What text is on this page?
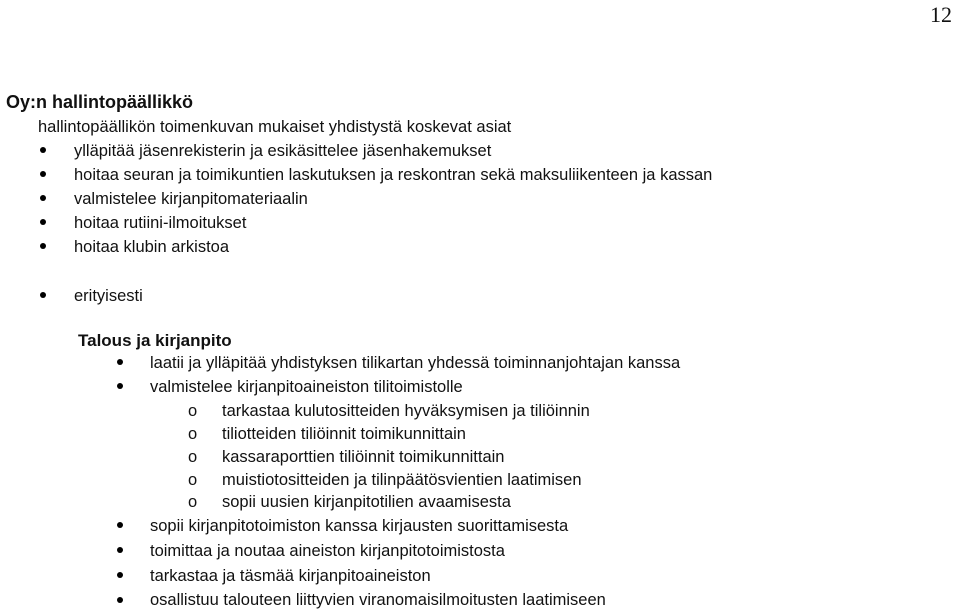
12
Oy:n hallintopäällikkö
hallintopäällikön toimenkuvan mukaiset yhdistystä koskevat asiat
ylläpitää jäsenrekisterin ja esikäsittelee jäsenhakemukset
hoitaa seuran ja toimikuntien laskutuksen ja reskontran sekä maksuliikenteen ja kassan
valmistelee kirjanpitomateriaalin
hoitaa rutiini-ilmoitukset
hoitaa klubin arkistoa
erityisesti
Talous ja kirjanpito
laatii ja ylläpitää yhdistyksen tilikartan yhdessä toiminnanjohtajan kanssa
valmistelee kirjanpitoaineiston tilitoimistolle
o tarkastaa kulutositteiden hyväksymisen ja tiliöinnin
o tiliotteiden tiliöinnit toimikunnittain
o kassaraporttien tiliöinnit toimikunnittain
o muistiotositteiden ja tilinpäätösvientien laatimisen
o sopii uusien kirjanpitotilien avaamisesta
sopii kirjanpitotoimiston kanssa kirjausten suorittamisesta
toimittaa ja noutaa aineiston kirjanpitotoimistosta
tarkastaa ja täsmää kirjanpitoaineiston
osallistuu talouteen liittyvien viranomaisilmoitusten laatimiseen
